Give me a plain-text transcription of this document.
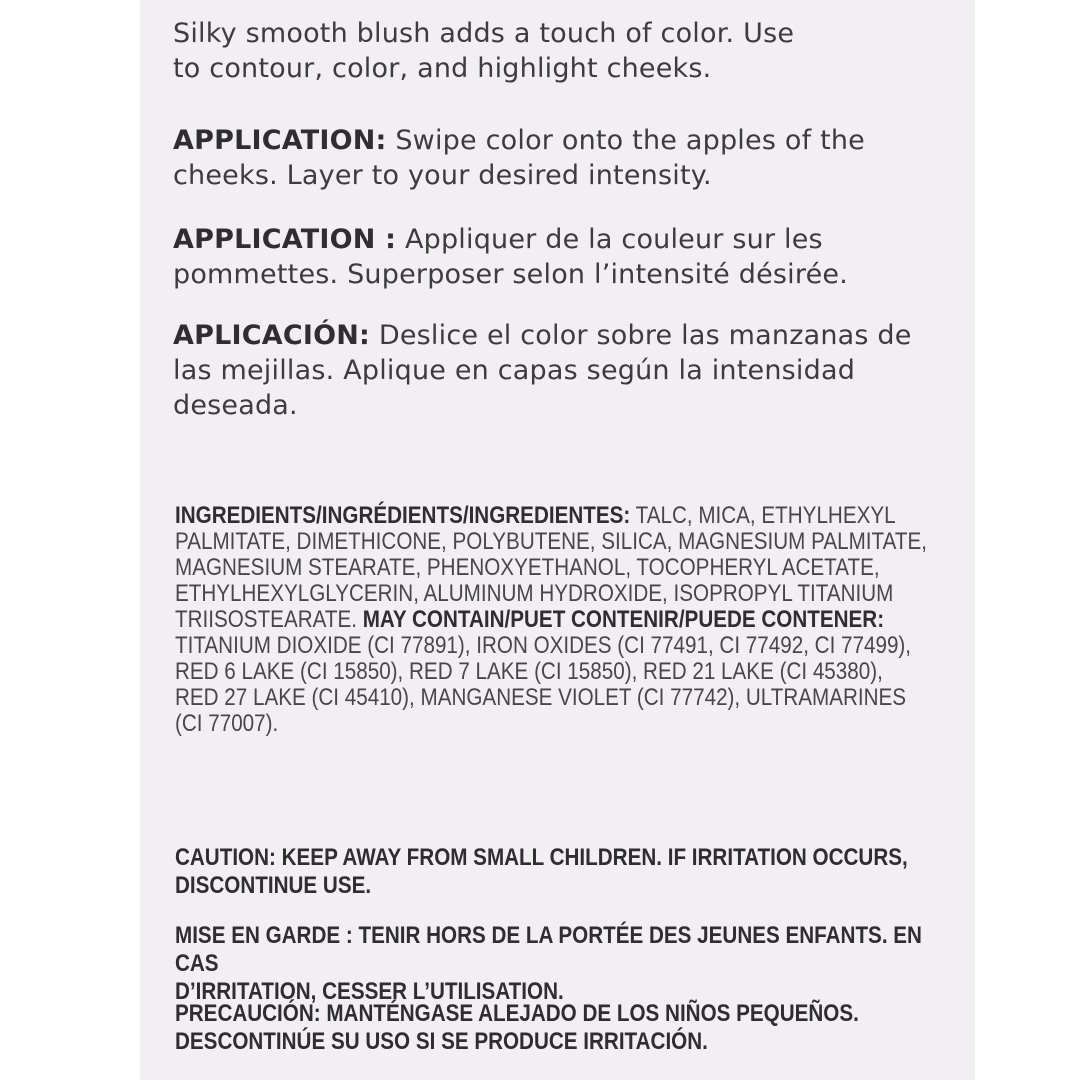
Silky smooth blush adds a touch of color. Use
to contour, color, and highlight cheeks.
APPLICATION: Swipe color onto the apples of the
cheeks. Layer to your desired intensity.
APPLICATION : Appliquer de la couleur sur les
pommettes. Superposer selon l’intensité désirée.
APLICACIÓN: Deslice el color sobre las manzanas de
las mejillas. Aplique en capas según la intensidad
deseada.
INGREDIENTS/INGRÉDIENTS/INGREDIENTES: TALC, MICA, ETHYLHEXYL
PALMITATE, DIMETHICONE, POLYBUTENE, SILICA, MAGNESIUM PALMITATE,
MAGNESIUM STEARATE, PHENOXYETHANOL, TOCOPHERYL ACETATE,
ETHYLHEXYLGLYCERIN, ALUMINUM HYDROXIDE, ISOPROPYL TITANIUM
TRIISOSTEARATE. MAY CONTAIN/PUET CONTENIR/PUEDE CONTENER:
TITANIUM DIOXIDE (CI 77891), IRON OXIDES (CI 77491, CI 77492, CI 77499),
RED 6 LAKE (CI 15850), RED 7 LAKE (CI 15850), RED 21 LAKE (CI 45380),
RED 27 LAKE (CI 45410), MANGANESE VIOLET (CI 77742), ULTRAMARINES
(CI 77007).
CAUTION: KEEP AWAY FROM SMALL CHILDREN. IF IRRITATION OCCURS,
DISCONTINUE USE.
MISE EN GARDE : TENIR HORS DE LA PORTÉE DES JEUNES ENFANTS. EN CAS
D’IRRITATION, CESSER L’UTILISATION.
PRECAUCIÓN: MANTÉNGASE ALEJADO DE LOS NIÑOS PEQUEÑOS.
DESCONTINÚE SU USO SI SE PRODUCE IRRITACIÓN.
